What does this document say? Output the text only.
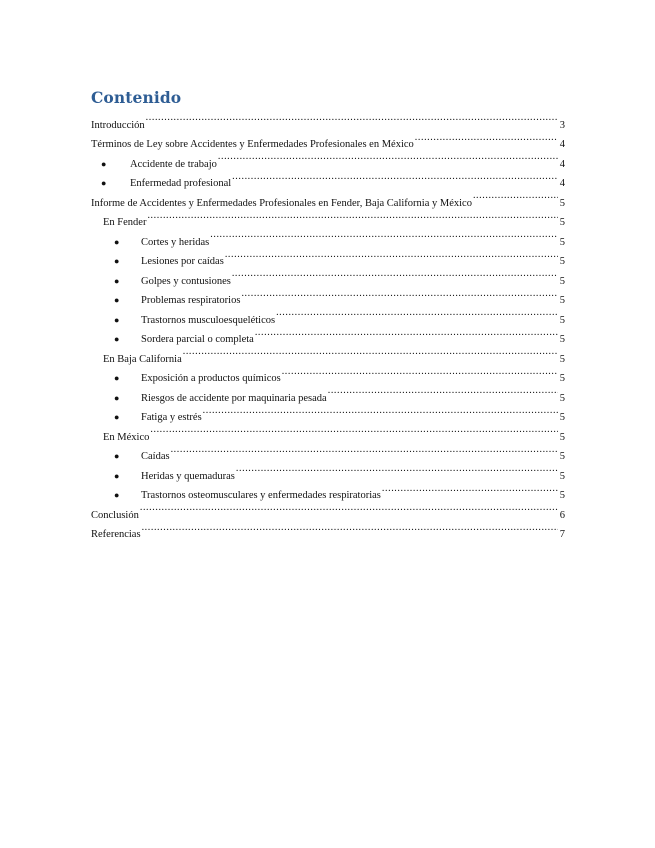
Contenido
Introducción .....	3
Términos de Ley sobre Accidentes y Enfermedades Profesionales en México .....	4
●	Accidente de trabajo .....	4
●	Enfermedad profesional .....	4
Informe de Accidentes y Enfermedades Profesionales en Fender, Baja California y México .....	5
En Fender .....	5
●	Cortes y heridas .....	5
●	Lesiones por caídas .....	5
●	Golpes y contusiones .....	5
●	Problemas respiratorios .....	5
●	Trastornos musculoesqueléticos .....	5
●	Sordera parcial o completa .....	5
En Baja California .....	5
●	Exposición a productos químicos .....	5
●	Riesgos de accidente por maquinaria pesada .....	5
●	Fatiga y estrés .....	5
En México .....	5
●	Caídas .....	5
●	Heridas y quemaduras .....	5
●	Trastornos osteomusculares y enfermedades respiratorias .....	5
Conclusión .....	6
Referencias .....	7
